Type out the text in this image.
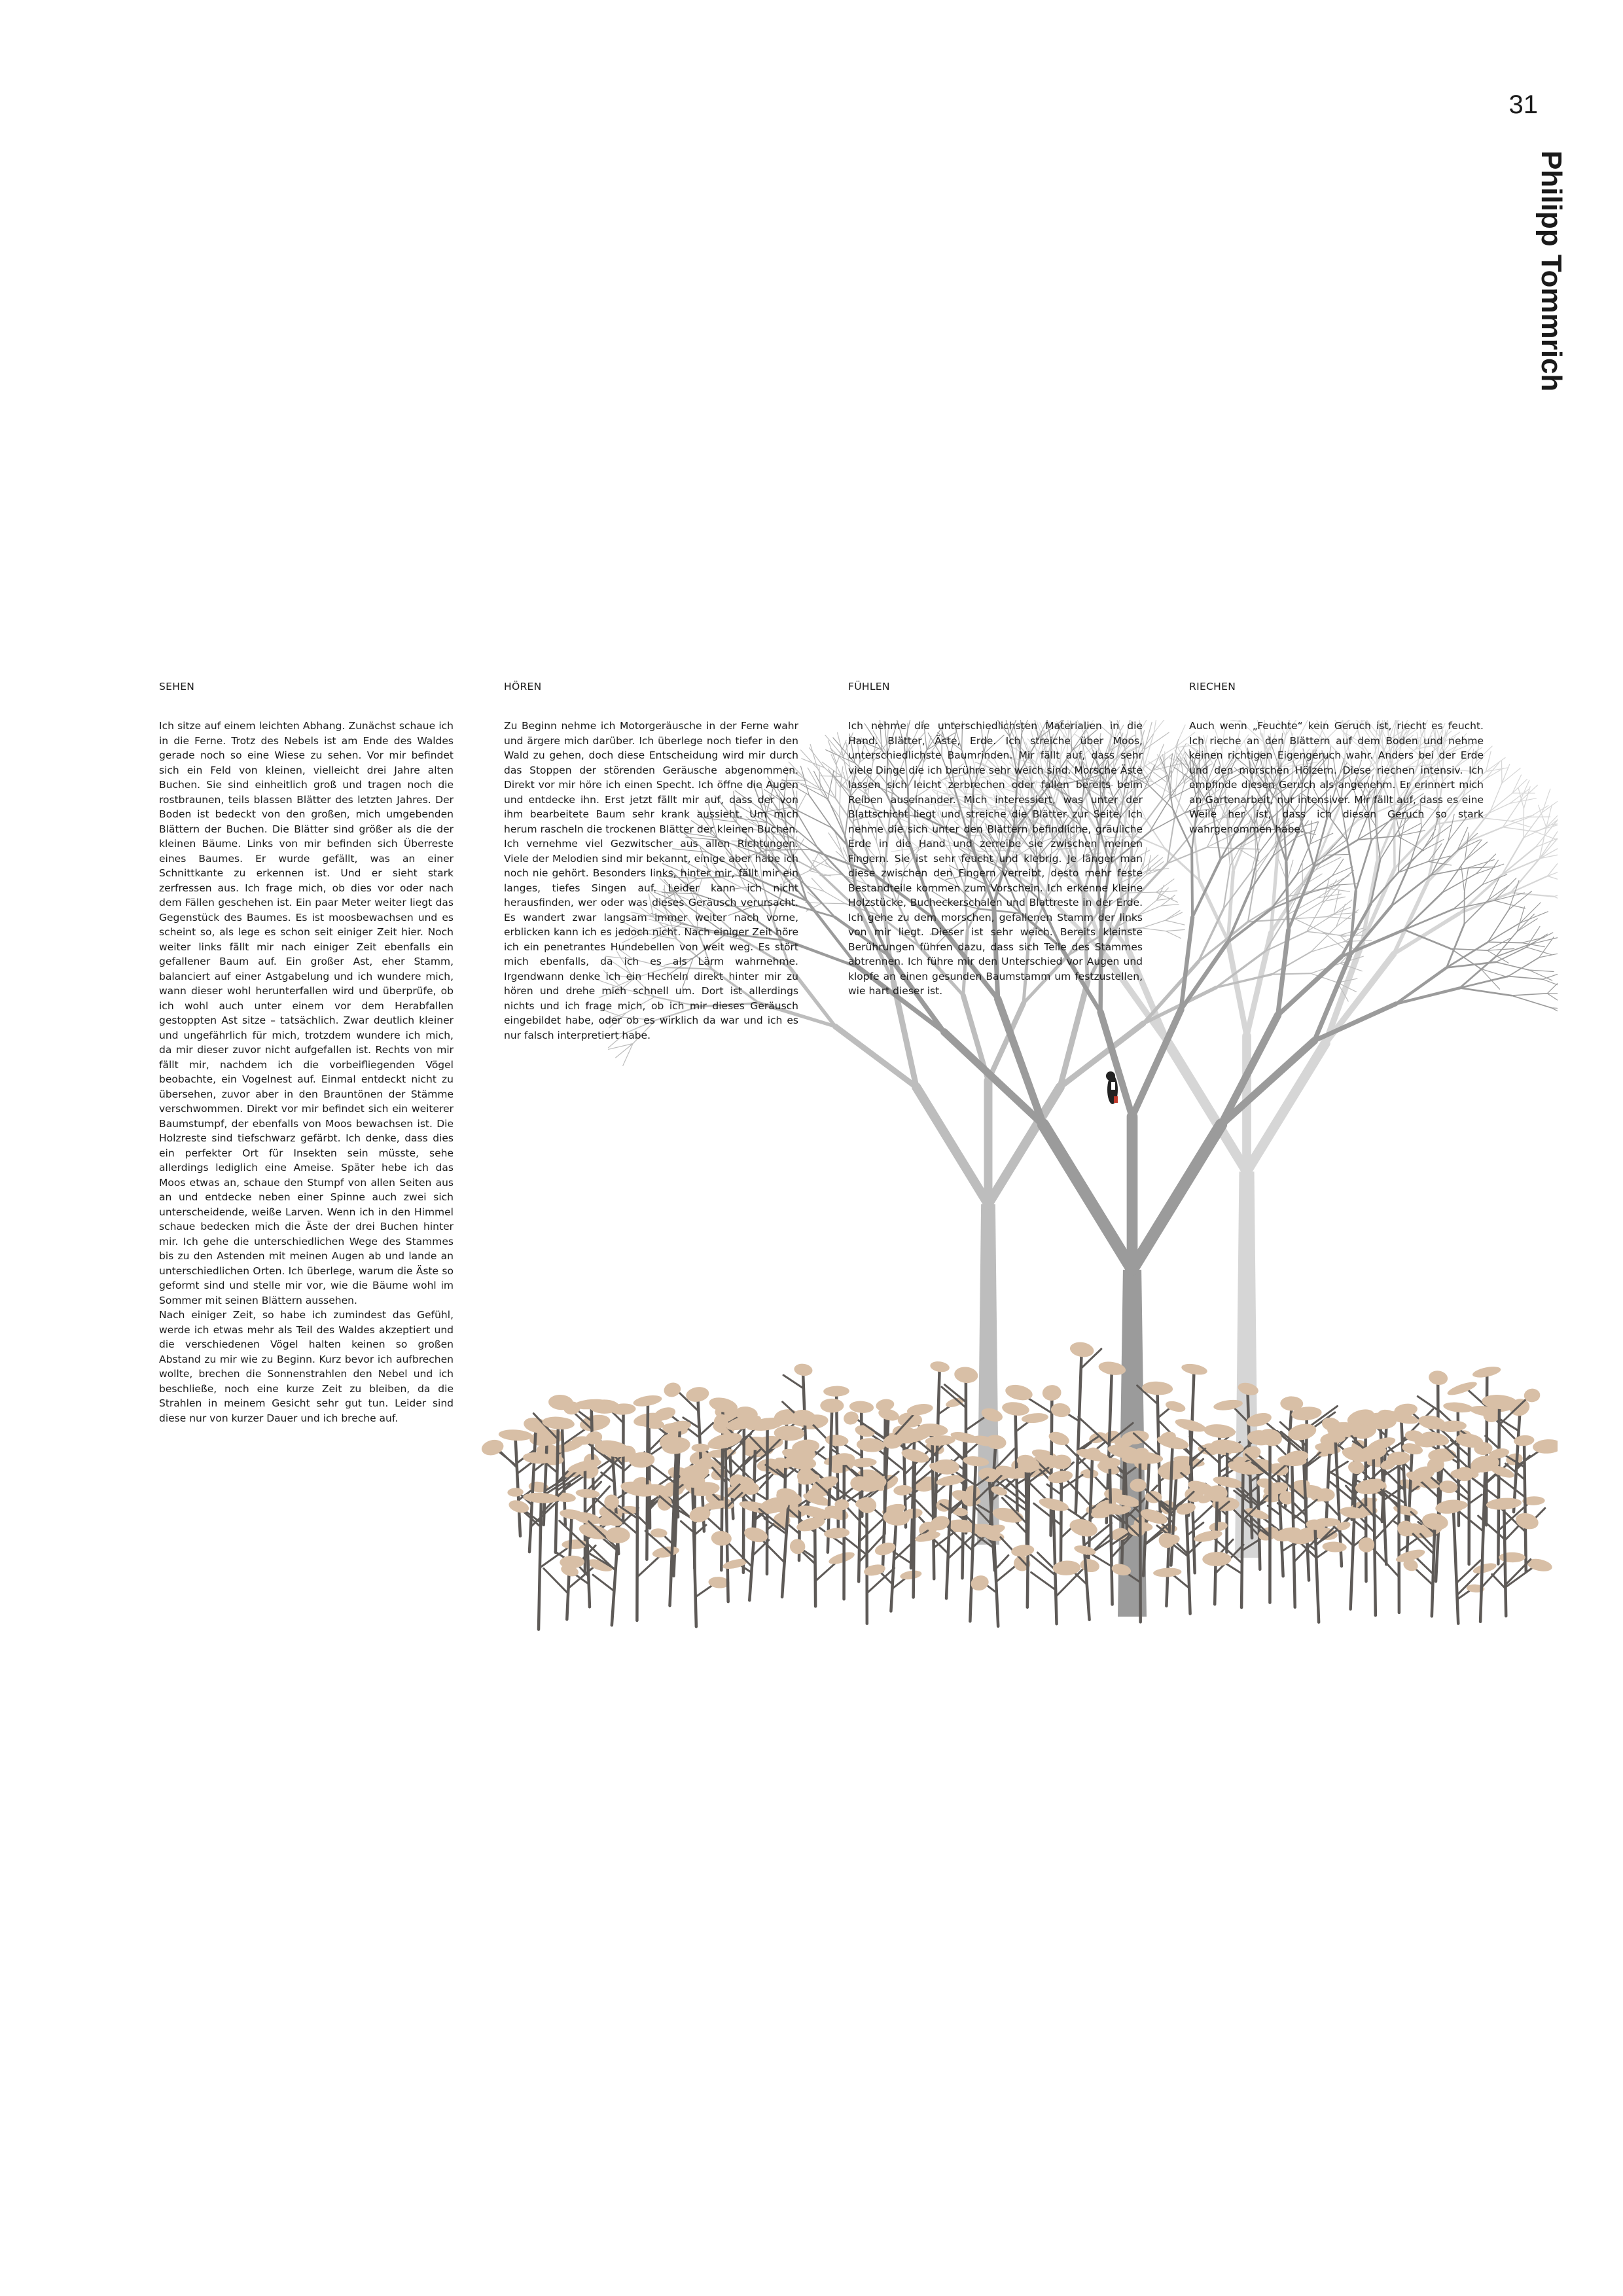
31
Philipp Tommrich
SEHEN

Ich sitze auf einem leichten Abhang. Zunächst schaue ich in die Ferne. Trotz des Nebels ist am Ende des Waldes gerade noch so eine Wiese zu sehen. Vor mir befindet sich ein Feld von kleinen, vielleicht drei Jahre alten Buchen. Sie sind einheitlich groß und tragen noch die rostbraunen, teils blassen Blätter des letzten Jahres. Der Boden ist bedeckt von den großen, mich umgebenden Blättern der Buchen. Die Blätter sind größer als die der kleinen Bäume. Links von mir befinden sich Überreste eines Baumes. Er wurde gefällt, was an einer Schnittkante zu erkennen ist. Und er sieht stark zerfressen aus. Ich frage mich, ob dies vor oder nach dem Fällen geschehen ist. Ein paar Meter weiter liegt das Gegenstück des Baumes. Es ist moosbewachsen und es scheint so, als lege es schon seit einiger Zeit hier. Noch weiter links fällt mir nach einiger Zeit ebenfalls ein gefallener Baum auf. Ein großer Ast, eher Stamm, balanciert auf einer Astgabelung und ich wundere mich, wann dieser wohl herunterfallen wird und überprüfe, ob ich wohl auch unter einem vor dem Herabfallen gestoppten Ast sitze – tatsächlich. Zwar deutlich kleiner und ungefährlich für mich, trotzdem wundere ich mich, da mir dieser zuvor nicht aufgefallen ist. Rechts von mir fällt mir, nachdem ich die vorbeifliegenden Vögel beobachte, ein Vogelnest auf. Einmal entdeckt nicht zu übersehen, zuvor aber in den Brauntönen der Stämme verschwommen. Direkt vor mir befindet sich ein weiterer Baumstumpf, der ebenfalls von Moos bewachsen ist. Die Holzreste sind tiefschwarz gefärbt. Ich denke, dass dies ein perfekter Ort für Insekten sein müsste, sehe allerdings lediglich eine Ameise. Später hebe ich das Moos etwas an, schaue den Stumpf von allen Seiten aus an und entdecke neben einer Spinne auch zwei sich unterscheidende, weiße Larven. Wenn ich in den Himmel schaue bedecken mich die Äste der drei Buchen hinter mir. Ich gehe die unterschiedlichen Wege des Stammes bis zu den Astenden mit meinen Augen ab und lande an unterschiedlichen Orten. Ich überlege, warum die Äste so geformt sind und stelle mir vor, wie die Bäume wohl im Sommer mit seinen Blättern aussehen.

Nach einiger Zeit, so habe ich zumindest das Gefühl, werde ich etwas mehr als Teil des Waldes akzeptiert und die verschiedenen Vögel halten keinen so großen Abstand zu mir wie zu Beginn. Kurz bevor ich aufbrechen wollte, brechen die Sonnenstrahlen den Nebel und ich beschließe, noch eine kurze Zeit zu bleiben, da die Strahlen in meinem Gesicht sehr gut tun. Leider sind diese nur von kurzer Dauer und ich breche auf.

HÖREN

Zu Beginn nehme ich Motorgeräusche in der Ferne wahr und ärgere mich darüber. Ich überlege noch tiefer in den Wald zu gehen, doch diese Entscheidung wird mir durch das Stoppen der störenden Geräusche abgenommen. Direkt vor mir höre ich einen Specht. Ich öffne die Augen und entdecke ihn. Erst jetzt fällt mir auf, dass der von ihm bearbeitete Baum sehr krank aussieht. Um mich herum rascheln die trockenen Blätter der kleinen Buchen. Ich vernehme viel Gezwitscher aus allen Richtungen. Viele der Melodien sind mir bekannt, einige aber habe ich noch nie gehört. Besonders links, hinter mir, fällt mir ein langes, tiefes Singen auf. Leider kann ich nicht herausfinden, wer oder was dieses Geräusch verursacht. Es wandert zwar langsam immer weiter nach vorne, erblicken kann ich es jedoch nicht. Nach einiger Zeit höre ich ein penetrantes Hundebellen von weit weg. Es stört mich ebenfalls, da ich es als Lärm wahrnehme. Irgendwann denke ich ein Hecheln direkt hinter mir zu hören und drehe mich schnell um. Dort ist allerdings nichts und ich frage mich, ob ich mir dieses Geräusch eingebildet habe, oder ob es wirklich da war und ich es nur falsch interpretiert habe.

FÜHLEN

Ich nehme die unterschiedlichsten Materialien in die Hand. Blätter, Äste, Erde. Ich streiche über Moos, unterschiedlichste Baumrinden. Mir fällt auf, dass sehr viele Dinge die ich berühre sehr weich sind. Morsche Äste lassen sich leicht zerbrechen oder fallen bereits beim Reiben auseinander. Mich interessiert, was unter der Blattschicht liegt und streiche die Blätter zur Seite. Ich nehme die sich unter den Blättern befindliche, gräuliche Erde in die Hand und zerreibe sie zwischen meinen Fingern. Sie ist sehr feucht und klebrig. Je länger man diese zwischen den Fingern verreibt, desto mehr feste Bestandteile kommen zum Vorschein. Ich erkenne kleine Holzstücke, Bucheckerschalen und Blattreste in der Erde. Ich gehe zu dem morschen, gefallenen Stamm der links von mir liegt. Dieser ist sehr weich. Bereits kleinste Berührungen führen dazu, dass sich Teile des Stammes abtrennen. Ich führe mir den Unterschied vor Augen und klopfe an einen gesunden Baumstamm um festzustellen, wie hart dieser ist.

RIECHEN

Auch wenn „Feuchte“ kein Geruch ist, riecht es feucht. Ich rieche an den Blättern auf dem Boden und nehme keinen richtigen Eigengeruch wahr. Anders bei der Erde und den morschen Hölzern. Diese riechen intensiv. Ich empfinde diesen Geruch als angenehm. Er erinnert mich an Gartenarbeit, nur intensiver. Mir fällt auf, dass es eine Weile her ist, dass ich diesen Geruch so stark wahrgenommen habe.
